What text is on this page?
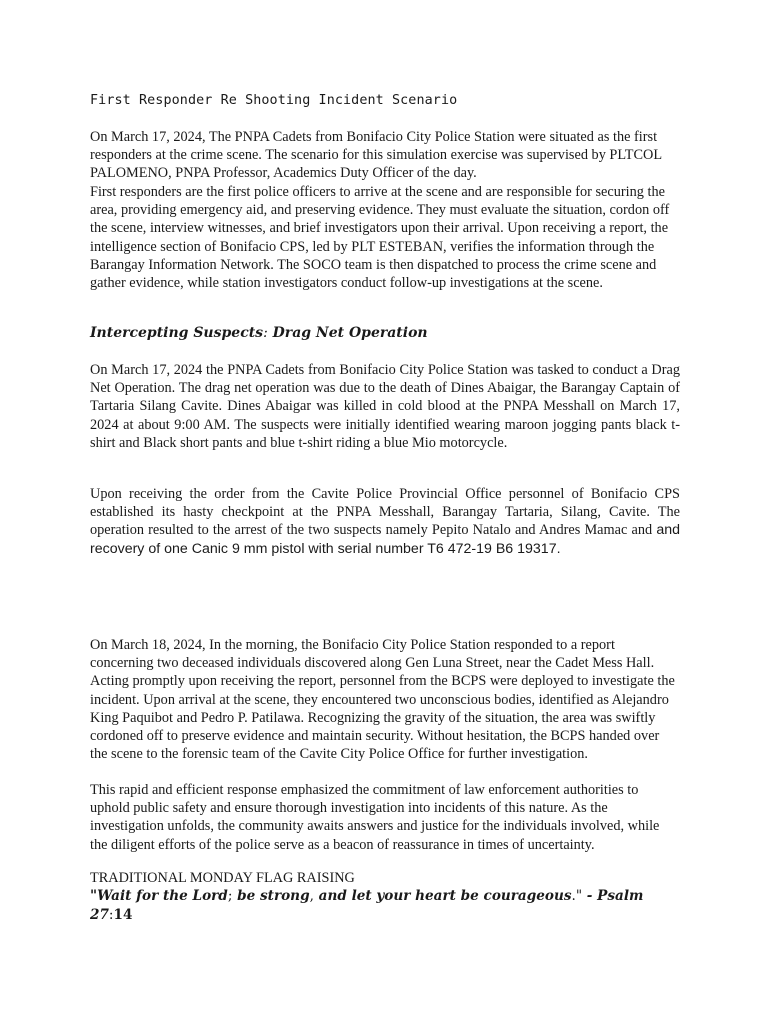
First Responder Re Shooting Incident Scenario

On March 17, 2024, The PNPA Cadets from Bonifacio City Police Station were situated as the first responders at the crime scene. The scenario for this simulation exercise was supervised by PLTCOL PALOMENO, PNPA Professor, Academics Duty Officer of the day.

First responders are the first police officers to arrive at the scene and are responsible for securing the area, providing emergency aid, and preserving evidence. They must evaluate the situation, cordon off the scene, interview witnesses, and brief investigators upon their arrival. Upon receiving a report, the intelligence section of Bonifacio CPS, led by PLT ESTEBAN, verifies the information through the Barangay Information Network. The SOCO team is then dispatched to process the crime scene and gather evidence, while station investigators conduct follow-up investigations at the scene.

Intercepting Suspects: Drag Net Operation

On March 17, 2024 the PNPA Cadets from Bonifacio City Police Station was tasked to conduct a Drag Net Operation. The drag net operation was due to the death of Dines Abaigar, the Barangay Captain of Tartaria Silang Cavite. Dines Abaigar was killed in cold blood at the PNPA Messhall on March 17, 2024 at about 9:00 AM. The suspects were initially identified wearing maroon jogging pants black t-shirt and Black short pants and blue t-shirt riding a blue Mio motorcycle.

Upon receiving the order from the Cavite Police Provincial Office personnel of Bonifacio CPS established its hasty checkpoint at the PNPA Messhall, Barangay Tartaria, Silang, Cavite. The operation resulted to the arrest of the two suspects namely Pepito Natalo and Andres Mamac and and recovery of one Canic 9 mm pistol with serial number T6 472-19 B6 19317.

On March 18, 2024, In the morning, the Bonifacio City Police Station responded to a report concerning two deceased individuals discovered along Gen Luna Street, near the Cadet Mess Hall. Acting promptly upon receiving the report, personnel from the BCPS were deployed to investigate the incident. Upon arrival at the scene, they encountered two unconscious bodies, identified as Alejandro King Paquibot and Pedro P. Patilawa. Recognizing the gravity of the situation, the area was swiftly cordoned off to preserve evidence and maintain security. Without hesitation, the BCPS handed over the scene to the forensic team of the Cavite City Police Office for further investigation.

This rapid and efficient response emphasized the commitment of law enforcement authorities to uphold public safety and ensure thorough investigation into incidents of this nature. As the investigation unfolds, the community awaits answers and justice for the individuals involved, while the diligent efforts of the police serve as a beacon of reassurance in times of uncertainty.

TRADITIONAL MONDAY FLAG RAISING

"Wait for the Lord; be strong, and let your heart be courageous." - Psalm 27:14
